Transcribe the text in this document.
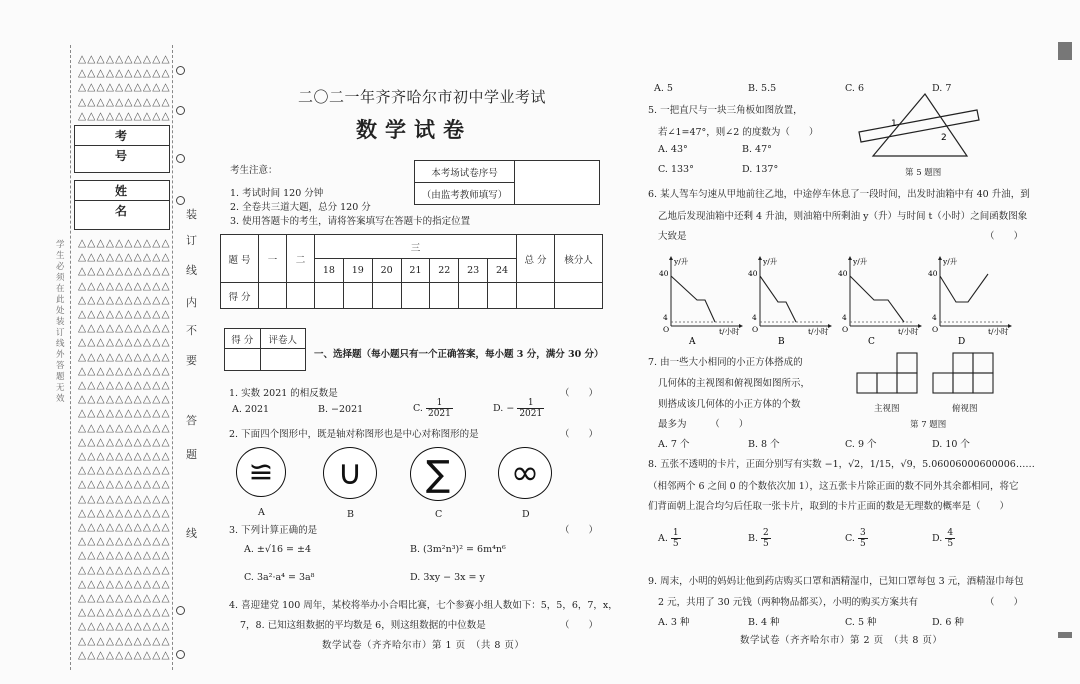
△△△△△△△△△△
△△△△△△△△△△
△△△△△△△△△△
△△△△△△△△△△
△△△△△△△△△△
△△△△△△△△△△
△△△△△△△△△△
△△△△△△△△△△
△△△△△△△△△△
△△△△△△△△△△
△△△△△△△△△△
△△△△△△△△△△
△△△△△△△△△△
△△△△△△△△△△
△△△△△△△△△△
△△△△△△△△△△
△△△△△△△△△△
△△△△△△△△△△
△△△△△△△△△△
△△△△△△△△△△
△△△△△△△△△△
△△△△△△△△△△
△△△△△△△△△△
△△△△△△△△△△
△△△△△△△△△△
△△△△△△△△△△
△△△△△△△△△△
△△△△△△△△△△
△△△△△△△△△△
△△△△△△△△△△
△△△△△△△△△△
△△△△△△△△△△
△△△△△△△△△△
△△△△△△△△△△
△△△△△△△△△△
考 号
姓 名
学生必须在此处装订线外答题无效
装
订
线
内
不
要
答
题
线
二〇二一年齐齐哈尔市初中学业考试
数学试卷
考生注意：
1. 考试时间 120 分钟
2. 全卷共三道大题，总分 120 分
3. 使用答题卡的考生，请将答案填写在答题卡的指定位置
本考场试卷序号	
（由监考教师填写）
题 号	一	二	三							总 分	核分人
			18	19	20	21	22	23	24		
得 分											
得 分	评卷人

一、选择题（每小题只有一个正确答案，每小题 3 分，满分 30 分）
1. 实数 2021 的相反数是	（　　）
A. 2021	B. −2021	C. $\frac{1}{2021}$	D. − $\frac{1}{2021}$
2. 下面四个图形中，既是轴对称图形也是中心对称图形的是	（　　）
≌ ∪ ∑ ∞
A	B	C	D
3. 下列计算正确的是	（　　）
A. ±√16 = ±4	B. (3m²n³)² = 6m⁴n⁶
C. 3a²·a⁴ = 3a⁸	D. 3xy − 3x = y
4. 喜迎建党 100 周年，某校将举办小合唱比赛，七个参赛小组人数如下：5，5，6，7，x，
7，8. 已知这组数据的平均数是 6，则这组数据的中位数是	（　　）
数学试卷（齐齐哈尔市）第 1 页　（共 8 页）
A. 5	B. 5.5	C. 6	D. 7
5. 一把直尺与一块三角板如图放置，
若∠1=47°，则∠2 的度数为（　　）
A. 43°	B. 47°
C. 133°	D. 137°
1
2
第 5 题图
6. 某人驾车匀速从甲地前往乙地，中途停车休息了一段时间，出发时油箱中有 40 升油，到
乙地后发现油箱中还剩 4 升油，则油箱中所剩油 y（升）与时间 t（小时）之间函数图象
大致是	（　　）
y/升
40
4
O	t/小时
A
y/升
40
4
O	t/小时
B
y/升
40
4
O	t/小时
C
y/升
40
4
O	t/小时
D
7. 由一些大小相同的小正方体搭成的
几何体的主视图和俯视图如图所示，
则搭成该几何体的小正方体的个数
最多为　　　（　　）
主视图	俯视图
第 7 题图
A. 7 个	B. 8 个	C. 9 个	D. 10 个
8. 五张不透明的卡片，正面分别写有实数 −1，√2，1/15，√9，5.06006000600006……
（相邻两个 6 之间 0 的个数依次加 1），这五张卡片除正面的数不同外其余都相同，将它
们背面朝上混合均匀后任取一张卡片，取到的卡片正面的数是无理数的概率是（　　）
A. $\frac{1}{5}$	B. $\frac{2}{5}$	C. $\frac{3}{5}$	D. $\frac{4}{5}$
9. 周末，小明的妈妈让他到药店购买口罩和酒精湿巾，已知口罩每包 3 元，酒精湿巾每包
2 元，共用了 30 元钱（两种物品都买），小明的购买方案共有	（　　）
A. 3 种	B. 4 种	C. 5 种	D. 6 种
数学试卷（齐齐哈尔市）第 2 页　（共 8 页）
